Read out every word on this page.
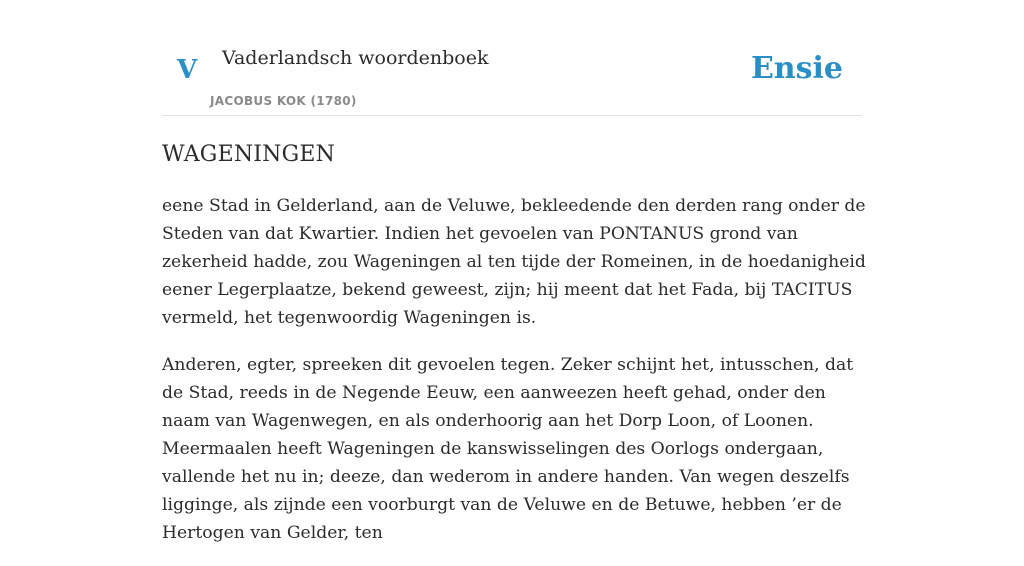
V Vaderlandsch woordenboek
JACOBUS KOK (1780)
Ensie
WAGENINGEN

eene Stad in Gelderland, aan de Veluwe, bekleedende den derden rang onder de Steden van dat Kwartier. Indien het gevoelen van PONTANUS grond van zekerheid hadde, zou Wageningen al ten tijde der Romeinen, in de hoedanigheid eener Legerplaatze, bekend geweest, zijn; hij meent dat het Fada, bij TACITUS vermeld, het tegenwoordig Wageningen is.

Anderen, egter, spreeken dit gevoelen tegen. Zeker schijnt het, intusschen, dat de Stad, reeds in de Negende Eeuw, een aanweezen heeft gehad, onder den naam van Wagenwegen, en als onderhoorig aan het Dorp Loon, of Loonen. Meermaalen heeft Wageningen de kanswisselingen des Oorlogs ondergaan, vallende het nu in; deeze, dan wederom in andere handen. Van wegen deszelfs ligginge, als zijnde een voorburgt van de Veluwe en de Betuwe, hebben ’er de Hertogen van Gelder, ten
